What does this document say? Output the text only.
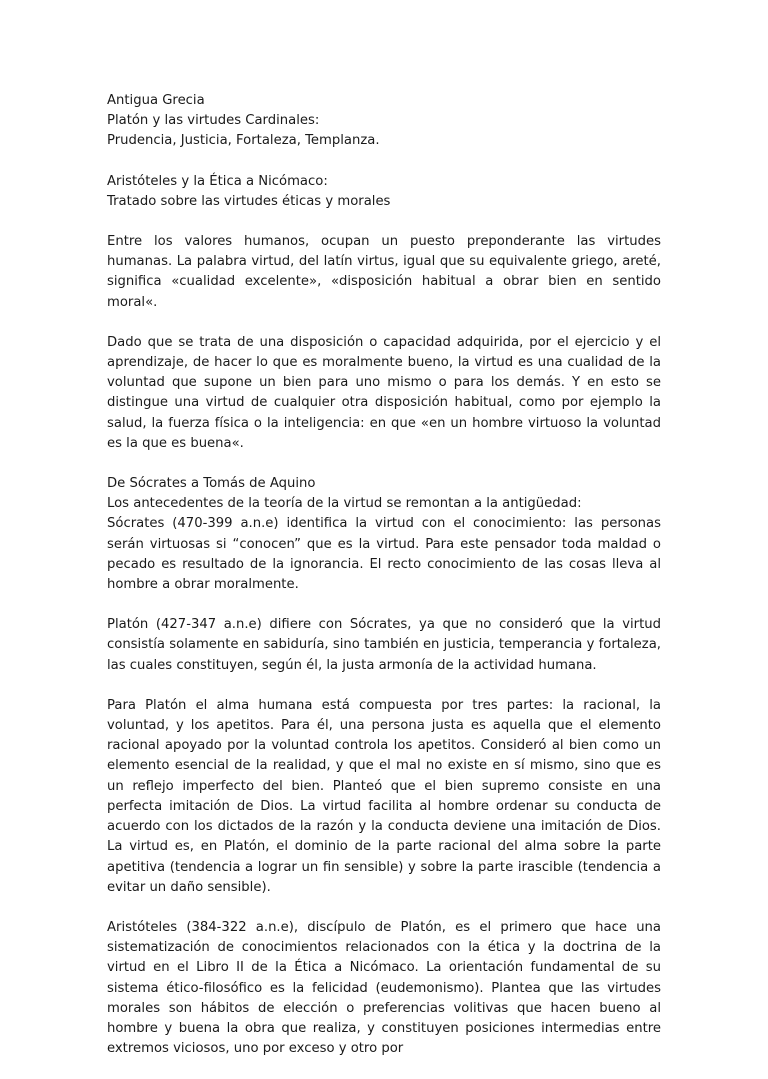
Antigua Grecia
Platón y las virtudes Cardinales:
Prudencia, Justicia, Fortaleza, Templanza.
Aristóteles y la Ética a Nicómaco:
Tratado sobre las virtudes éticas y morales

Entre los valores humanos, ocupan un puesto preponderante las virtudes humanas. La palabra virtud, del latín virtus, igual que su equivalente griego, areté, significa «cualidad excelente», «disposición habitual a obrar bien en sentido moral«.

Dado que se trata de una disposición o capacidad adquirida, por el ejercicio y el aprendizaje, de hacer lo que es moralmente bueno, la virtud es una cualidad de la voluntad que supone un bien para uno mismo o para los demás. Y en esto se distingue una virtud de cualquier otra disposición habitual, como por ejemplo la salud, la fuerza física o la inteligencia: en que «en un hombre virtuoso la voluntad es la que es buena«.

De Sócrates a Tomás de Aquino
Los antecedentes de la teoría de la virtud se remontan a la antigüedad:

Sócrates (470-399 a.n.e) identifica la virtud con el conocimiento: las personas serán virtuosas si “conocen” que es la virtud. Para este pensador toda maldad o pecado es resultado de la ignorancia. El recto conocimiento de las cosas lleva al hombre a obrar moralmente.

Platón (427-347 a.n.e) difiere con Sócrates, ya que no consideró que la virtud consistía solamente en sabiduría, sino también en justicia, temperancia y fortaleza, las cuales constituyen, según él, la justa armonía de la actividad humana.

Para Platón el alma humana está compuesta por tres partes: la racional, la voluntad, y los apetitos. Para él, una persona justa es aquella que el elemento racional apoyado por la voluntad controla los apetitos. Consideró al bien como un elemento esencial de la realidad, y que el mal no existe en sí mismo, sino que es un reflejo imperfecto del bien. Planteó que el bien supremo consiste en una perfecta imitación de Dios. La virtud facilita al hombre ordenar su conducta de acuerdo con los dictados de la razón y la conducta deviene una imitación de Dios. La virtud es, en Platón, el dominio de la parte racional del alma sobre la parte apetitiva (tendencia a lograr un fin sensible) y sobre la parte irascible (tendencia a evitar un daño sensible).

Aristóteles (384-322 a.n.e), discípulo de Platón, es el primero que hace una sistematización de conocimientos relacionados con la ética y la doctrina de la virtud en el Libro II de la Ética a Nicómaco. La orientación fundamental de su sistema ético-filosófico es la felicidad (eudemonismo). Plantea que las virtudes morales son hábitos de elección o preferencias volitivas que hacen bueno al hombre y buena la obra que realiza, y constituyen posiciones intermedias entre extremos viciosos, uno por exceso y otro por
